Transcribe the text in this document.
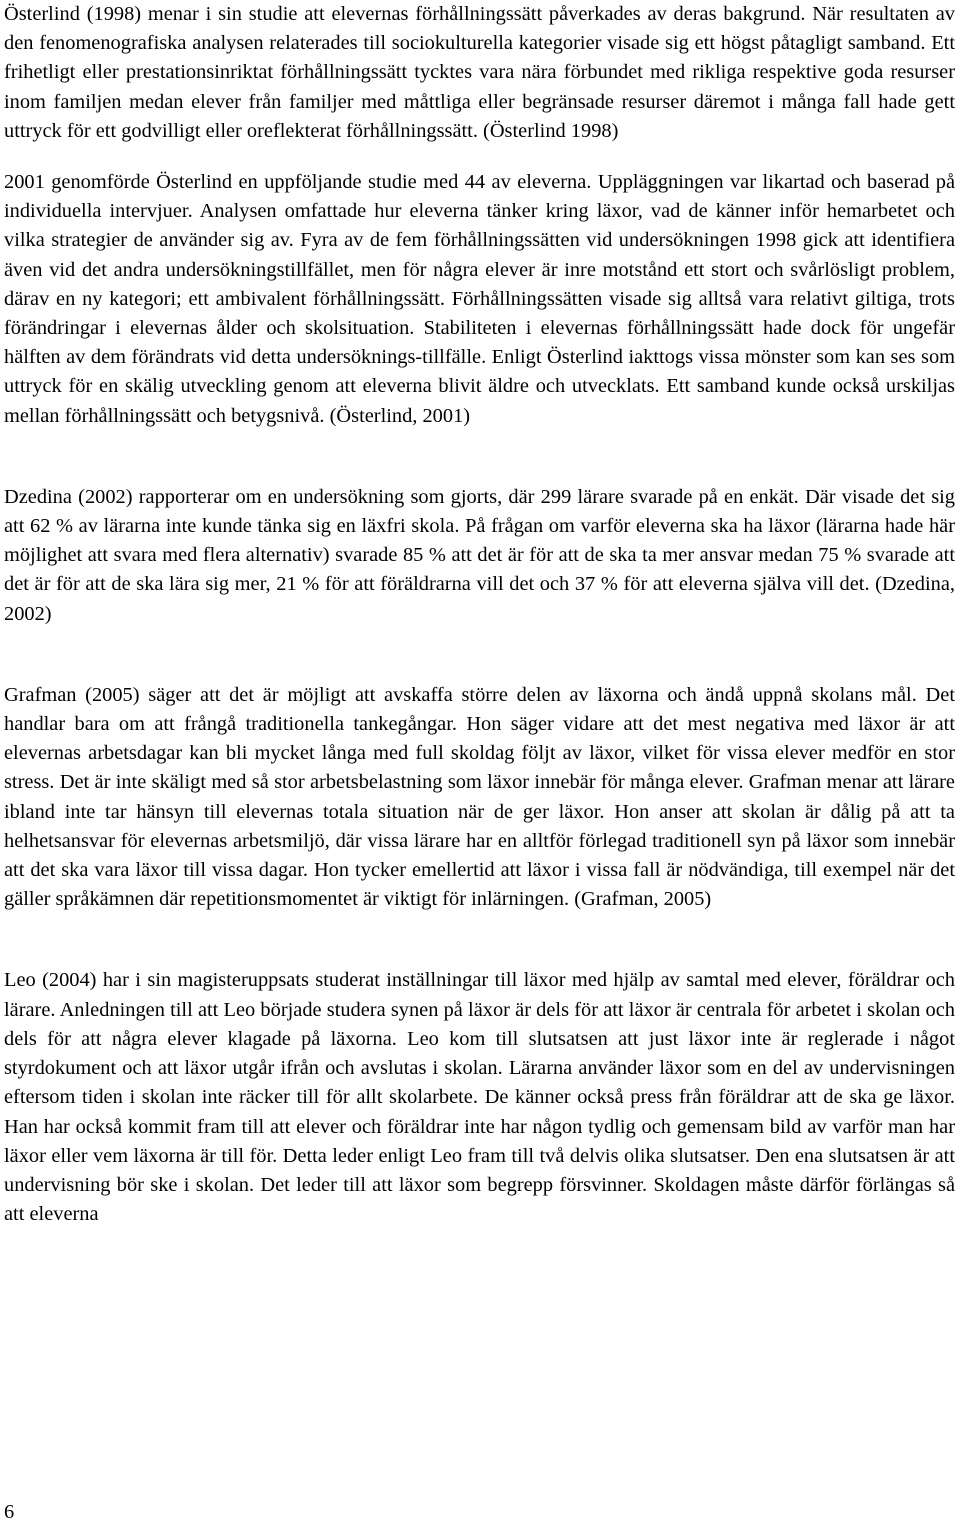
Österlind (1998) menar i sin studie att elevernas förhållningssätt påverkades av deras bakgrund. När resultaten av den fenomenografiska analysen relaterades till sociokulturella kategorier visade sig ett högst påtagligt samband. Ett frihetligt eller prestationsinriktat förhållningssätt tycktes vara nära förbundet med rikliga respektive goda resurser inom familjen medan elever från familjer med måttliga eller begränsade resurser däremot i många fall hade gett uttryck för ett godvilligt eller oreflekterat förhållningssätt. (Österlind 1998)

2001 genomförde Österlind en uppföljande studie med 44 av eleverna. Uppläggningen var likartad och baserad på individuella intervjuer. Analysen omfattade hur eleverna tänker kring läxor, vad de känner inför hemarbetet och vilka strategier de använder sig av. Fyra av de fem förhållningssätten vid undersökningen 1998 gick att identifiera även vid det andra undersökningstillfället, men för några elever är inre motstånd ett stort och svårlösligt problem, därav en ny kategori; ett ambivalent förhållningssätt. Förhållningssätten visade sig alltså vara relativt giltiga, trots förändringar i elevernas ålder och skolsituation. Stabiliteten i elevernas förhållningssätt hade dock för ungefär hälften av dem förändrats vid detta undersöknings-tillfälle. Enligt Österlind iakttogs vissa mönster som kan ses som uttryck för en skälig utveckling genom att eleverna blivit äldre och utvecklats. Ett samband kunde också urskiljas mellan förhållningssätt och betygsnivå. (Österlind, 2001)

Dzedina (2002) rapporterar om en undersökning som gjorts, där 299 lärare svarade på en enkät. Där visade det sig att 62 % av lärarna inte kunde tänka sig en läxfri skola. På frågan om varför eleverna ska ha läxor (lärarna hade här möjlighet att svara med flera alternativ) svarade 85 % att det är för att de ska ta mer ansvar medan 75 % svarade att det är för att de ska lära sig mer, 21 % för att föräldrarna vill det och 37 % för att eleverna själva vill det. (Dzedina, 2002)

Grafman (2005) säger att det är möjligt att avskaffa större delen av läxorna och ändå uppnå skolans mål. Det handlar bara om att frångå traditionella tankegångar. Hon säger vidare att det mest negativa med läxor är att elevernas arbetsdagar kan bli mycket långa med full skoldag följt av läxor, vilket för vissa elever medför en stor stress. Det är inte skäligt med så stor arbetsbelastning som läxor innebär för många elever. Grafman menar att lärare ibland inte tar hänsyn till elevernas totala situation när de ger läxor. Hon anser att skolan är dålig på att ta helhetsansvar för elevernas arbetsmiljö, där vissa lärare har en alltför förlegad traditionell syn på läxor som innebär att det ska vara läxor till vissa dagar. Hon tycker emellertid att läxor i vissa fall är nödvändiga, till exempel när det gäller språkämnen där repetitionsmomentet är viktigt för inlärningen. (Grafman, 2005)

Leo (2004) har i sin magisteruppsats studerat inställningar till läxor med hjälp av samtal med elever, föräldrar och lärare. Anledningen till att Leo började studera synen på läxor är dels för att läxor är centrala för arbetet i skolan och dels för att några elever klagade på läxorna. Leo kom till slutsatsen att just läxor inte är reglerade i något styrdokument och att läxor utgår ifrån och avslutas i skolan. Lärarna använder läxor som en del av undervisningen eftersom tiden i skolan inte räcker till för allt skolarbete. De känner också press från föräldrar att de ska ge läxor. Han har också kommit fram till att elever och föräldrar inte har någon tydlig och gemensam bild av varför man har läxor eller vem läxorna är till för. Detta leder enligt Leo fram till två delvis olika slutsatser. Den ena slutsatsen är att undervisning bör ske i skolan. Det leder till att läxor som begrepp försvinner. Skoldagen måste därför förlängas så att eleverna

6
